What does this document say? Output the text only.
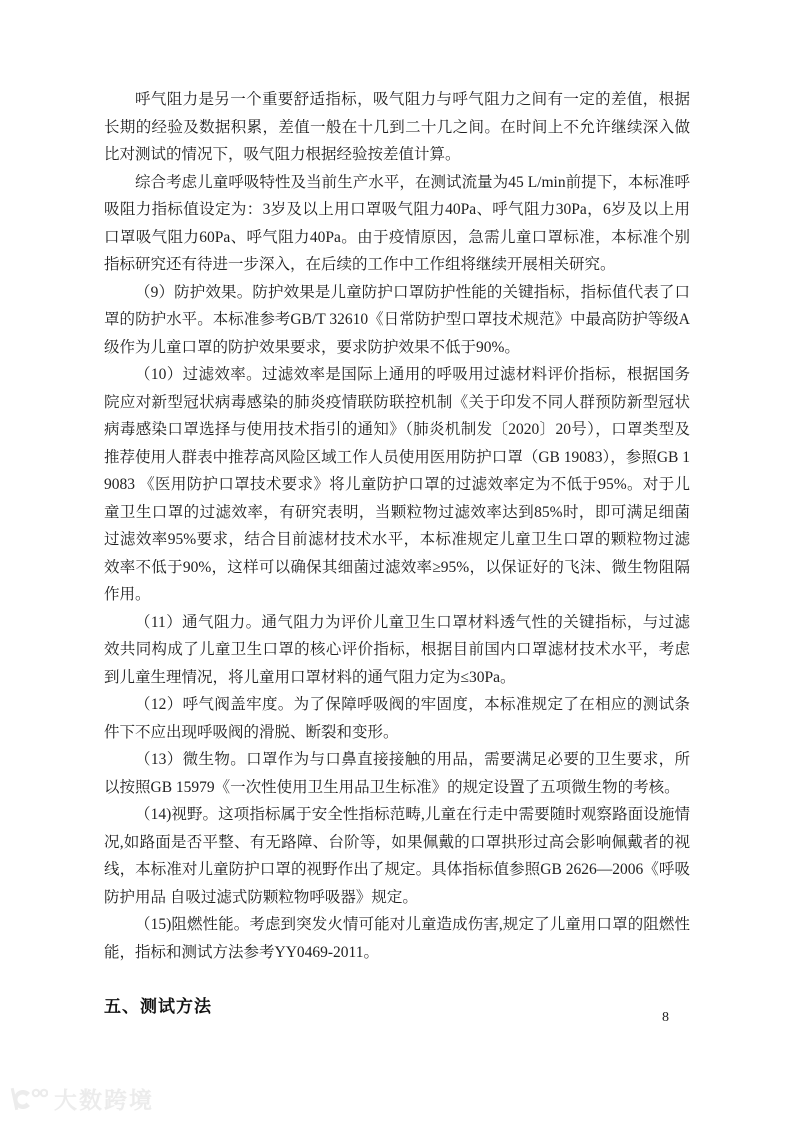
呼气阻力是另一个重要舒适指标，吸气阻力与呼气阻力之间有一定的差值，根据长期的经验及数据积累，差值一般在十几到二十几之间。在时间上不允许继续深入做比对测试的情况下，吸气阻力根据经验按差值计算。

综合考虑儿童呼吸特性及当前生产水平，在测试流量为45 L/min前提下，本标准呼吸阻力指标值设定为：3岁及以上用口罩吸气阻力40Pa、呼气阻力30Pa，6岁及以上用口罩吸气阻力60Pa、呼气阻力40Pa。由于疫情原因，急需儿童口罩标准，本标准个别指标研究还有待进一步深入，在后续的工作中工作组将继续开展相关研究。

（9）防护效果。防护效果是儿童防护口罩防护性能的关键指标，指标值代表了口罩的防护水平。本标准参考GB/T 32610《日常防护型口罩技术规范》中最高防护等级A级作为儿童口罩的防护效果要求，要求防护效果不低于90%。

（10）过滤效率。过滤效率是国际上通用的呼吸用过滤材料评价指标，根据国务院应对新型冠状病毒感染的肺炎疫情联防联控机制《关于印发不同人群预防新型冠状病毒感染口罩选择与使用技术指引的通知》（肺炎机制发〔2020〕20号），口罩类型及推荐使用人群表中推荐高风险区域工作人员使用医用防护口罩（GB 19083），参照GB 19083 《医用防护口罩技术要求》将儿童防护口罩的过滤效率定为不低于95%。对于儿童卫生口罩的过滤效率，有研究表明，当颗粒物过滤效率达到85%时，即可满足细菌过滤效率95%要求，结合目前滤材技术水平，本标准规定儿童卫生口罩的颗粒物过滤效率不低于90%，这样可以确保其细菌过滤效率≥95%，以保证好的飞沫、微生物阻隔作用。

（11）通气阻力。通气阻力为评价儿童卫生口罩材料透气性的关键指标，与过滤效共同构成了儿童卫生口罩的核心评价指标，根据目前国内口罩滤材技术水平，考虑到儿童生理情况，将儿童用口罩材料的通气阻力定为≤30Pa。

（12）呼气阀盖牢度。为了保障呼吸阀的牢固度，本标准规定了在相应的测试条件下不应出现呼吸阀的滑脱、断裂和变形。

（13）微生物。口罩作为与口鼻直接接触的用品，需要满足必要的卫生要求，所以按照GB 15979《一次性使用卫生用品卫生标准》的规定设置了五项微生物的考核。

（14)视野。这项指标属于安全性指标范畴,儿童在行走中需要随时观察路面设施情况,如路面是否平整、有无路障、台阶等，如果佩戴的口罩拱形过高会影响佩戴者的视线，本标准对儿童防护口罩的视野作出了规定。具体指标值参照GB 2626—2006《呼吸防护用品 自吸过滤式防颗粒物呼吸器》规定。

（15)阻燃性能。考虑到突发火情可能对儿童造成伤害,规定了儿童用口罩的阻燃性能，指标和测试方法参考YY0469-2011。

五、测试方法
8
大数跨境
